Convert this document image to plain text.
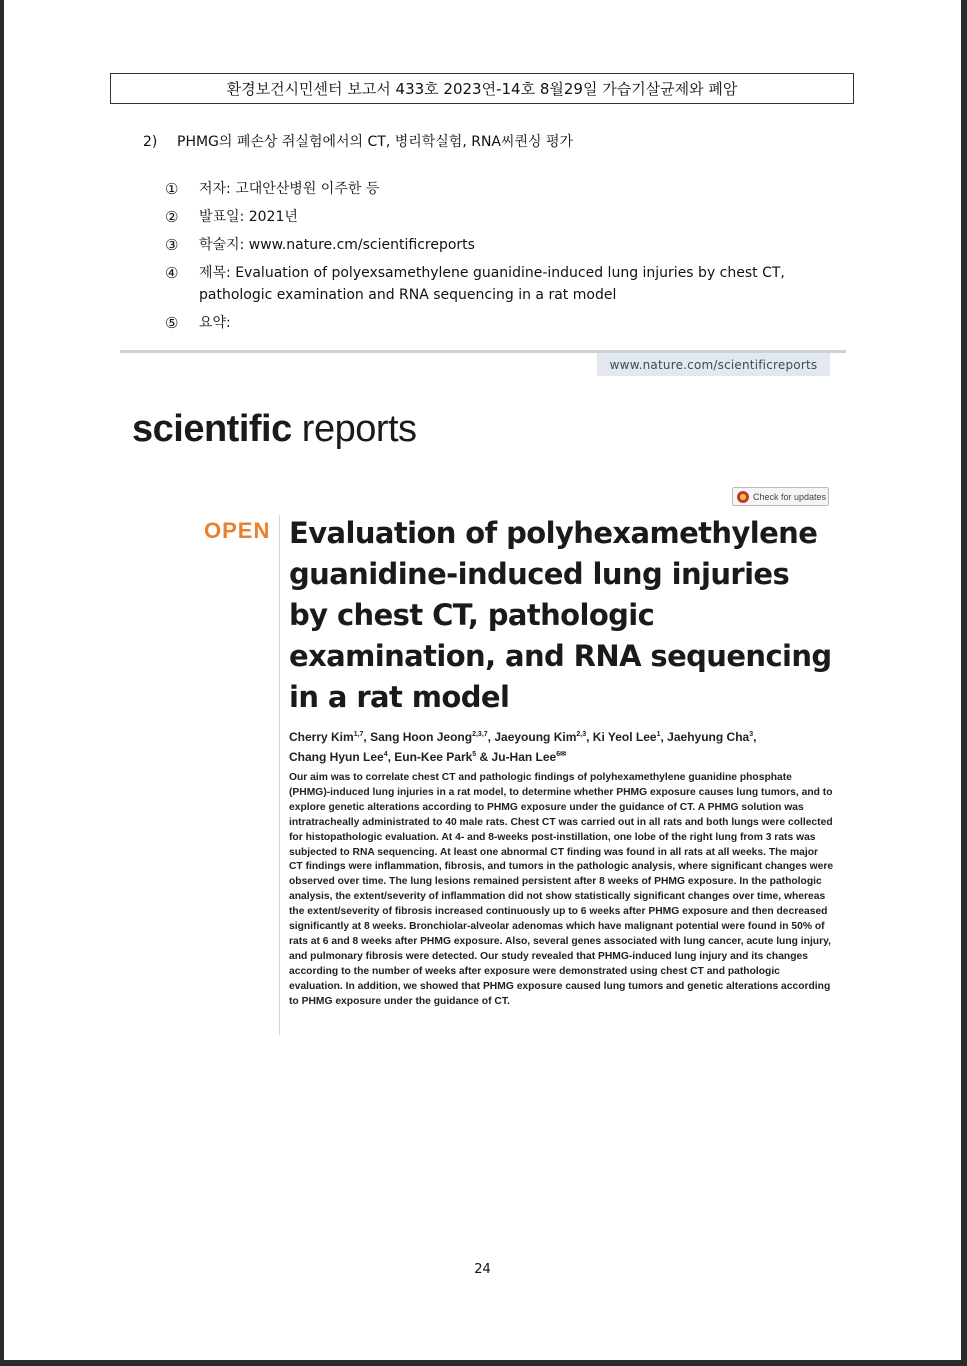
환경보건시민센터 보고서 433호 2023연-14호 8월29일 가습기살균제와 폐암
2) PHMG의 폐손상 쥐실험에서의 CT, 병리학실험, RNA씨퀀싱 평가
①	저자: 고대안산병원 이주한 등
②	발표일: 2021년
③	학술지: www.nature.cm/scientificreports
④	제목: Evaluation of polyexsamethylene guanidine-induced lung injuries by chest CT, pathologic examination and RNA sequencing in a rat model
⑤	요약:
www.nature.com/scientificreports
scientific reports
Check for updates
OPEN Evaluation of polyhexamethylene guanidine-induced lung injuries by chest CT, pathologic examination, and RNA sequencing in a rat model
Cherry Kim$^{1,7}$, Sang Hoon Jeong$^{2,3,7}$, Jaeyoung Kim$^{2,3}$, Ki Yeol Lee$^1$, Jaehyung Cha$^3$,
Chang Hyun Lee$^4$, Eun-Kee Park$^5$ & Ju-Han Lee$^{6✉}$

Our aim was to correlate chest CT and pathologic findings of polyhexamethylene guanidine phosphate (PHMG)-induced lung injuries in a rat model, to determine whether PHMG exposure causes lung tumors, and to explore genetic alterations according to PHMG exposure under the guidance of CT. A PHMG solution was intratracheally administrated to 40 male rats. Chest CT was carried out in all rats and both lungs were collected for histopathologic evaluation. At 4- and 8-weeks post-instillation, one lobe of the right lung from 3 rats was subjected to RNA sequencing. At least one abnormal CT finding was found in all rats at all weeks. The major CT findings were inflammation, fibrosis, and tumors in the pathologic analysis, where significant changes were observed over time. The lung lesions remained persistent after 8 weeks of PHMG exposure. In the pathologic analysis, the extent/severity of inflammation did not show statistically significant changes over time, whereas the extent/severity of fibrosis increased continuously up to 6 weeks after PHMG exposure and then decreased significantly at 8 weeks. Bronchiolar-alveolar adenomas which have malignant potential were found in 50% of rats at 6 and 8 weeks after PHMG exposure. Also, several genes associated with lung cancer, acute lung injury, and pulmonary fibrosis were detected. Our study revealed that PHMG-induced lung injury and its changes according to the number of weeks after exposure were demonstrated using chest CT and pathologic evaluation. In addition, we showed that PHMG exposure caused lung tumors and genetic alterations according to PHMG exposure under the guidance of CT.

24
